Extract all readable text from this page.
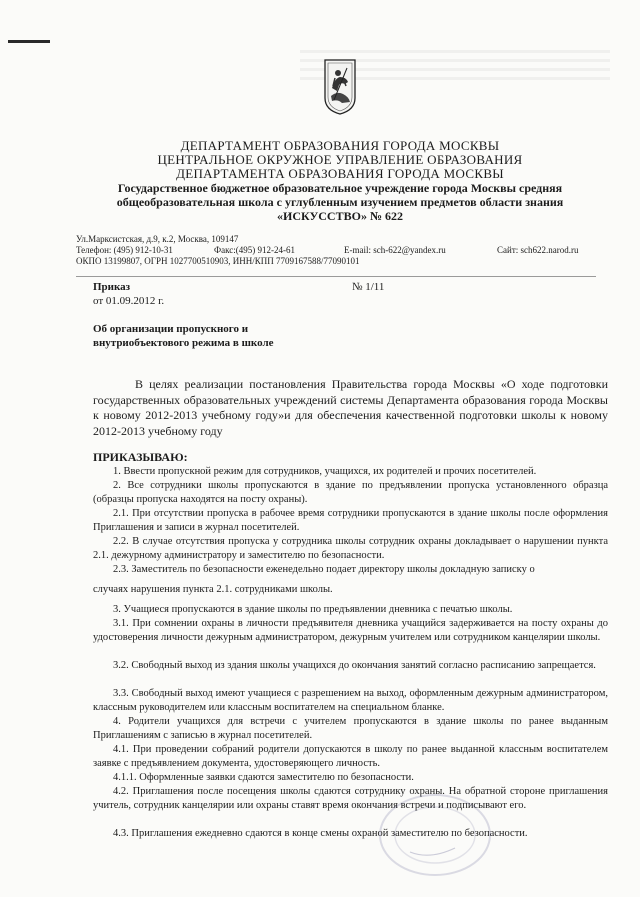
ДЕПАРТАМЕНТ ОБРАЗОВАНИЯ ГОРОДА МОСКВЫ
ЦЕНТРАЛЬНОЕ ОКРУЖНОЕ УПРАВЛЕНИЕ ОБРАЗОВАНИЯ
ДЕПАРТАМЕНТА ОБРАЗОВАНИЯ ГОРОДА МОСКВЫ
Государственное бюджетное образовательное учреждение города Москвы средняя
общеобразовательная школа с углубленным изучением предметов области знания
«ИСКУССТВО» № 622
Ул.Марксистская, д.9, к.2, Москва, 109147
Телефон: (495) 912-10-31	Факс:(495) 912-24-61	E-mail: sch-622@yandex.ru	Сайт: sch622.narod.ru
ОКПО 13199807, ОГРН 1027700510903, ИНН/КПП 7709167588/77090101
Приказ
от 01.09.2012 г.
№ 1/11
Об организации пропускного и
внутриобъектового режима в школе
В целях реализации постановления Правительства города Москвы «О ходе подготовки государственных образовательных учреждений системы Департамента образования города Москвы к новому 2012-2013 учебному году»и для обеспечения качественной подготовки школы к новому 2012-2013 учебному году
ПРИКАЗЫВАЮ:
1. Ввести пропускной режим для сотрудников, учащихся, их родителей и прочих посетителей.
2. Все сотрудники школы пропускаются в здание по предъявлении пропуска установленного образца (образцы пропуска находятся на посту охраны).
2.1. При отсутствии пропуска в рабочее время сотрудники пропускаются в здание школы после оформления Приглашения и записи в журнал посетителей.
2.2. В случае отсутствия пропуска у сотрудника школы сотрудник охраны докладывает о нарушении пункта 2.1. дежурному администратору и заместителю по безопасности.
2.3. Заместитель по безопасности еженедельно подает директору школы докладную записку о
случаях нарушения пункта 2.1. сотрудниками школы.
3. Учащиеся пропускаются в здание школы по предъявлении дневника с печатью школы.
3.1. При сомнении охраны в личности предъявителя дневника учащийся задерживается на посту охраны до удостоверения личности дежурным администратором, дежурным учителем или сотрудником канцелярии школы.
3.2. Свободный выход из здания школы учащихся до окончания занятий согласно расписанию запрещается.
3.3. Свободный выход имеют учащиеся с разрешением на выход, оформленным дежурным администратором, классным руководителем или классным воспитателем на специальном бланке.
4. Родители учащихся для встречи с учителем пропускаются в здание школы по ранее выданным Приглашениям с записью в журнал посетителей.
4.1. При проведении собраний родители допускаются в школу по ранее выданной классным воспитателем заявке с предъявлением документа, удостоверяющего личность.
4.1.1. Оформленные заявки сдаются заместителю по безопасности.
4.2. Приглашения после посещения школы сдаются сотруднику охраны. На обратной стороне приглашения учитель, сотрудник канцелярии или охраны ставят время окончания встречи и подписывают его.
4.3. Приглашения ежедневно сдаются в конце смены охраной заместителю по безопасности.
